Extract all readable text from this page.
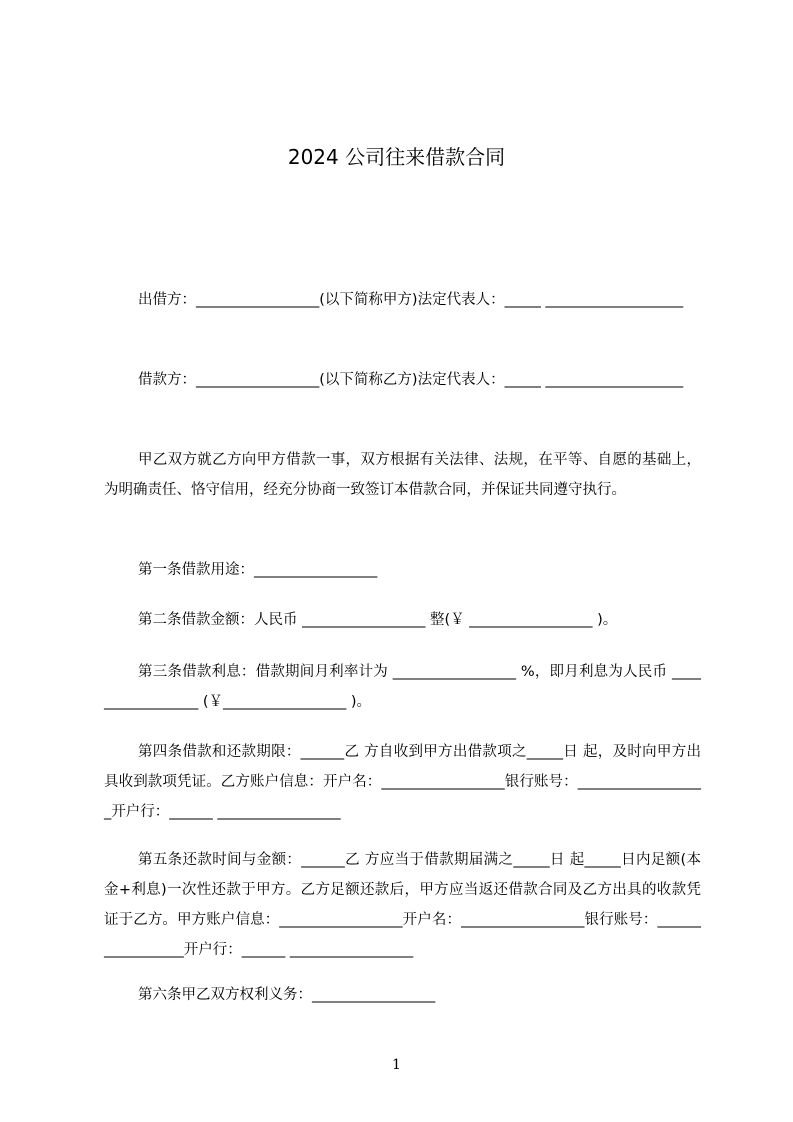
2024 公司往来借款合同

出借方：_________________(以下简称甲方)法定代表人：_____ ___________________

借款方：_________________(以下简称乙方)法定代表人：_____ ___________________

甲乙双方就乙方向甲方借款一事，双方根据有关法律、法规，在平等、自愿的基础上，为明确责任、恪守信用，经充分协商一致签订本借款合同，并保证共同遵守执行。

第一条借款用途：_________________

第二条借款金额：人民币 _________________ 整(￥ _________________ )。

第三条借款利息：借款期间月利率计为 _________________ %，即月利息为人民币 _________________ (￥_________________ )。

第四条借款和还款期限：______乙 方自收到甲方出借款项之_____日 起，及时向甲方出具收到款项凭证。乙方账户信息：开户名：_________________银行账号：__________________开户行：______ _________________

第五条还款时间与金额：______乙 方应当于借款期届满之_____日 起_____日内足额(本金+利息)一次性还款于甲方。乙方足额还款后，甲方应当返还借款合同及乙方出具的收款凭证于乙方。甲方账户信息：_________________开户名：_________________银行账号：_________________开户行：______ _________________

第六条甲乙双方权利义务：_________________

1
